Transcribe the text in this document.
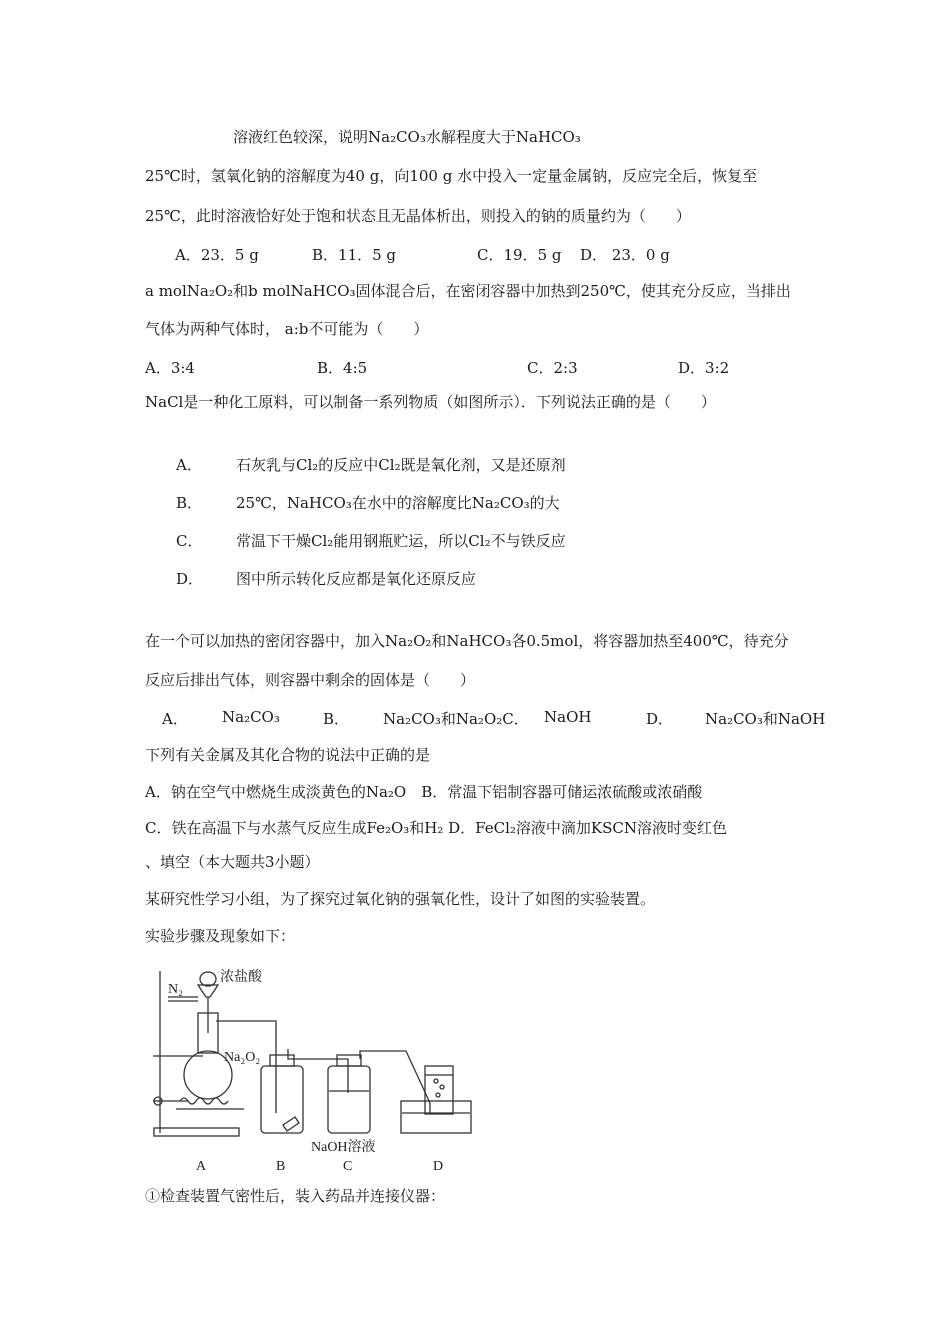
溶液红色较深，说明Na₂CO₃水解程度大于NaHCO₃
25℃时，氢氧化钠的溶解度为40 g，向100 g 水中投入一定量金属钠，反应完全后，恢复至
25℃，此时溶液恰好处于饱和状态且无晶体析出，则投入的钠的质量约为（　　）
A．23．5 g	B．11．5 g	C．19．5 g D． 23．0 g
a molNa₂O₂和b molNaHCO₃固体混合后，在密闭容器中加热到250℃，使其充分反应，当排出
气体为两种气体时， a:b不可能为（　　）
A．3:4	B．4:5	C．2:3	D．3:2
NaCl是一种化工原料，可以制备一系列物质（如图所示）．下列说法正确的是（　　）
A． 石灰乳与Cl₂的反应中Cl₂既是氧化剂，又是还原剂
B． 25℃，NaHCO₃在水中的溶解度比Na₂CO₃的大
C． 常温下干燥Cl₂能用钢瓶贮运，所以Cl₂不与铁反应
D． 图中所示转化反应都是氧化还原反应
在一个可以加热的密闭容器中，加入Na₂O₂和NaHCO₃各0.5mol，将容器加热至400℃，待充分
反应后排出气体，则容器中剩余的固体是（　　）
A． Na₂CO₃	B． Na₂CO₃和Na₂O₂C． NaOH	D． Na₂CO₃和NaOH
下列有关金属及其化合物的说法中正确的是
A．钠在空气中燃烧生成淡黄色的Na₂O　B．常温下铝制容器可储运浓硫酸或浓硝酸
C．铁在高温下与水蒸气反应生成Fe₂O₃和H₂ D．FeCl₂溶液中滴加KSCN溶液时变红色
、填空（本大题共3小题）
某研究性学习小组，为了探究过氧化钠的强氧化性，设计了如图的实验装置。
实验步骤及现象如下：
N₂
浓盐酸
Na₂O₂
NaOH溶液
A	B	C	D
①检查装置气密性后，装入药品并连接仪器：
